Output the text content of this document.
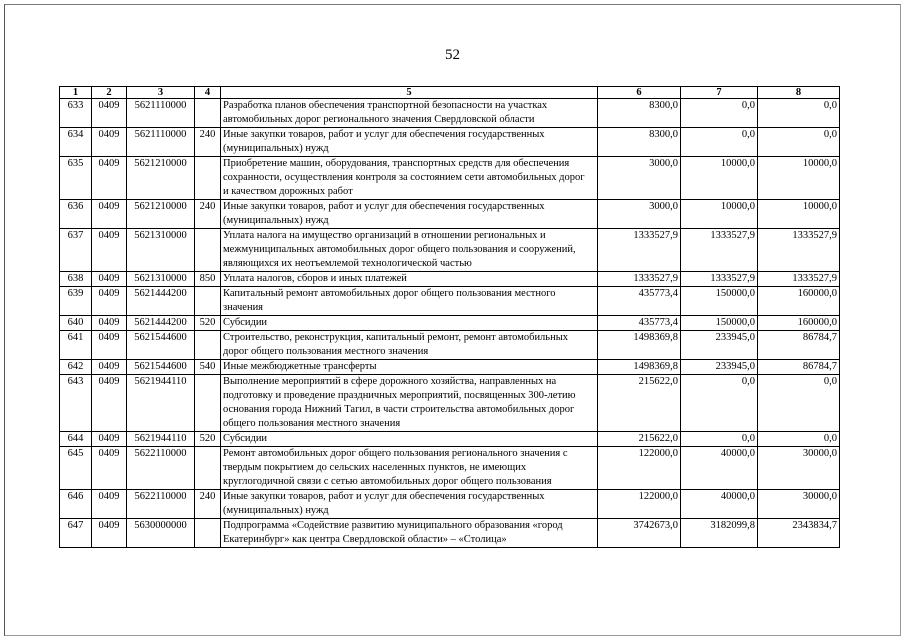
52
1	2	3	4	5	6	7	8
633	0409	5621110000		Разработка планов обеспечения транспортной безопасности на участках
автомобильных дорог регионального значения Свердловской области	8300,0	0,0	0,0
634	0409	5621110000	240	Иные закупки товаров, работ и услуг для обеспечения государственных
(муниципальных) нужд	8300,0	0,0	0,0
635	0409	5621210000		Приобретение машин, оборудования, транспортных средств для обеспечения
сохранности, осуществления контроля за состоянием сети автомобильных дорог
и качеством дорожных работ	3000,0	10000,0	10000,0
636	0409	5621210000	240	Иные закупки товаров, работ и услуг для обеспечения государственных
(муниципальных) нужд	3000,0	10000,0	10000,0
637	0409	5621310000		Уплата налога на имущество организаций в отношении региональных и
межмуниципальных автомобильных дорог общего пользования и сооружений,
являющихся их неотъемлемой технологической частью	1333527,9	1333527,9	1333527,9
638	0409	5621310000	850	Уплата налогов, сборов и иных платежей	1333527,9	1333527,9	1333527,9
639	0409	5621444200		Капитальный ремонт автомобильных дорог общего пользования местного
значения	435773,4	150000,0	160000,0
640	0409	5621444200	520	Субсидии	435773,4	150000,0	160000,0
641	0409	5621544600		Строительство, реконструкция, капитальный ремонт, ремонт автомобильных
дорог общего пользования местного значения	1498369,8	233945,0	86784,7
642	0409	5621544600	540	Иные межбюджетные трансферты	1498369,8	233945,0	86784,7
643	0409	5621944110		Выполнение мероприятий в сфере дорожного хозяйства, направленных на
подготовку и проведение праздничных мероприятий, посвященных 300-летию
основания города Нижний Тагил, в части строительства автомобильных дорог
общего пользования местного значения	215622,0	0,0	0,0
644	0409	5621944110	520	Субсидии	215622,0	0,0	0,0
645	0409	5622110000		Ремонт автомобильных дорог общего пользования регионального значения с
твердым покрытием до сельских населенных пунктов, не имеющих
круглогодичной связи с сетью автомобильных дорог общего пользования	122000,0	40000,0	30000,0
646	0409	5622110000	240	Иные закупки товаров, работ и услуг для обеспечения государственных
(муниципальных) нужд	122000,0	40000,0	30000,0
647	0409	5630000000		Подпрограмма «Содействие развитию муниципального образования «город
Екатеринбург» как центра Свердловской области» – «Столица»	3742673,0	3182099,8	2343834,7
